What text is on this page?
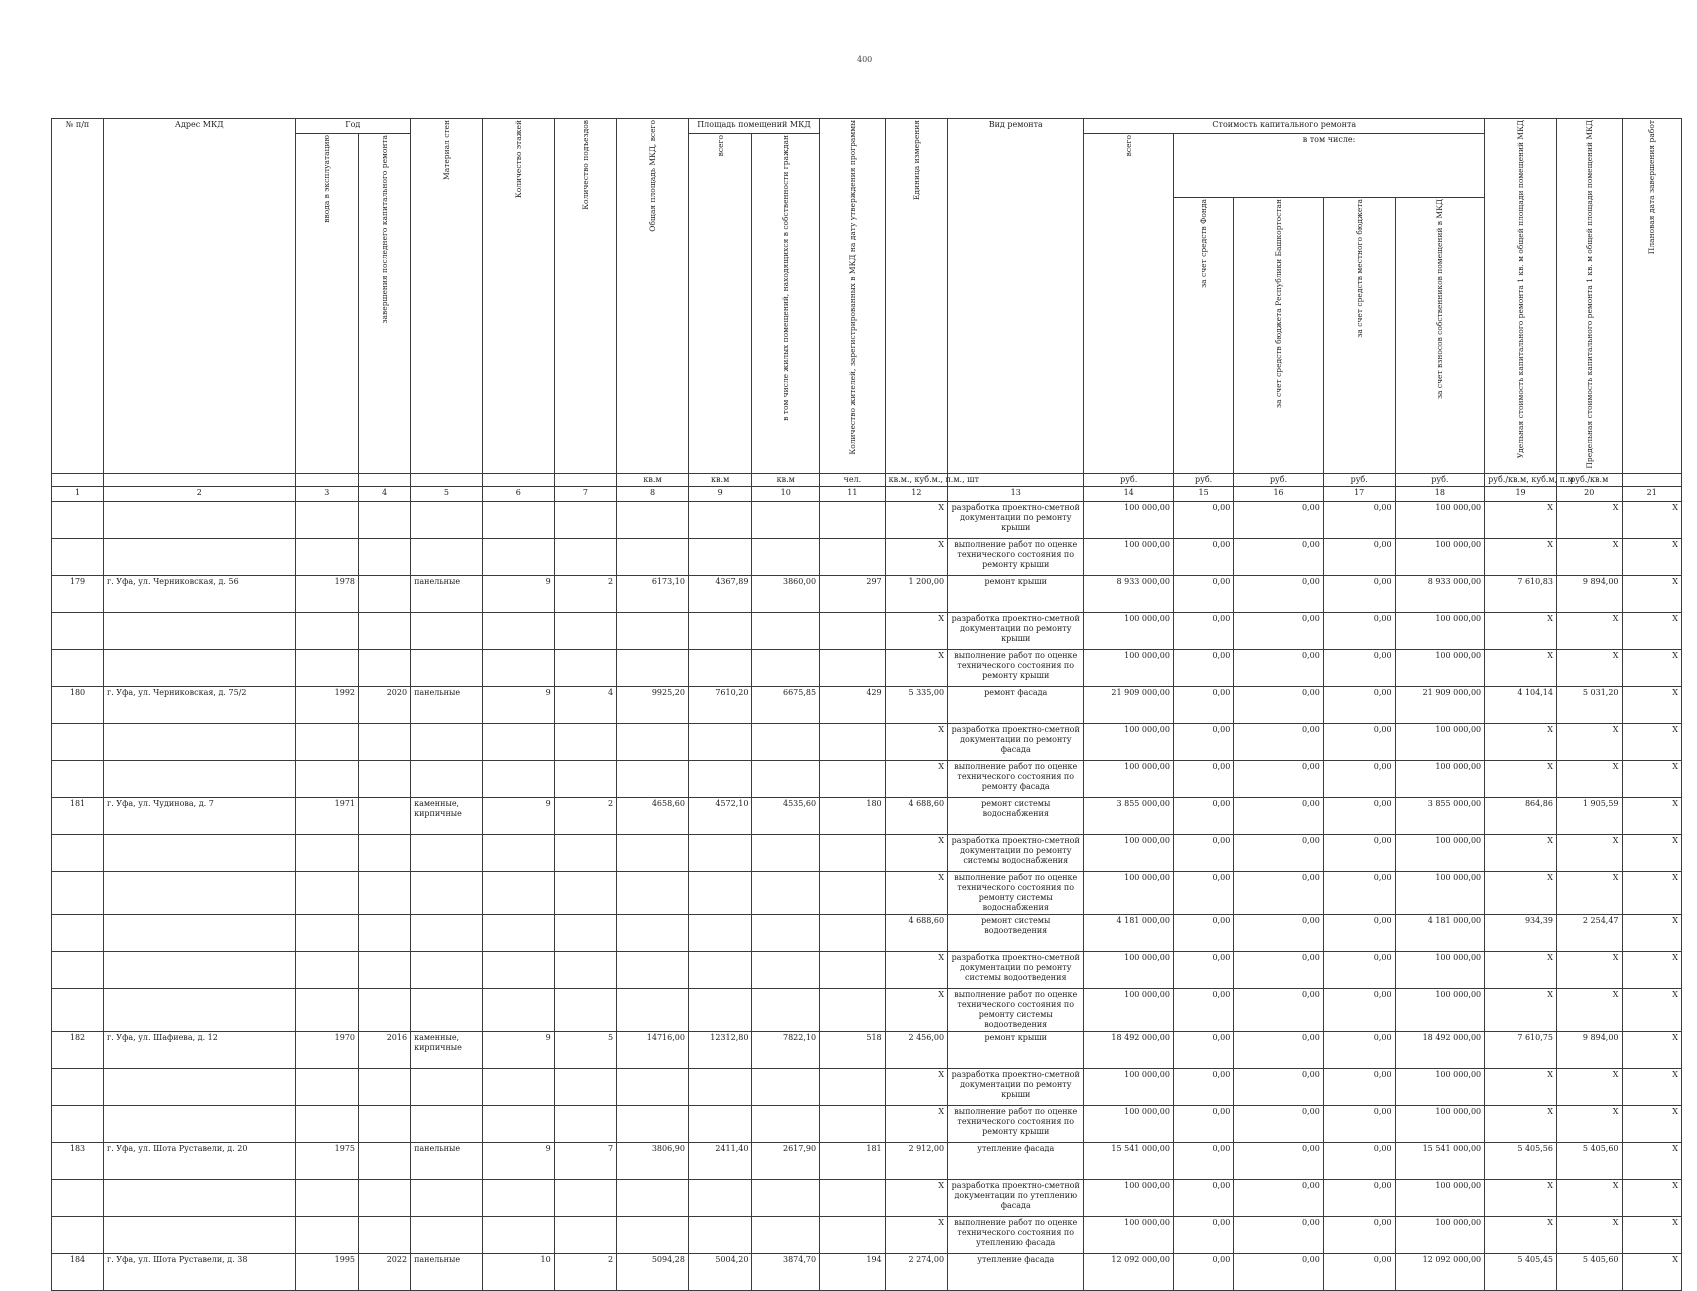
400
№ п/п	Адрес МКД	Год		Материал стен	Количество этажей	Количество подъездов	Общая площадь МКД, всего	Площадь помещений МКД		Количество жителей, зарегистрированных в МКД на дату утверждения программы	Единица измерения	Вид ремонта	Стоимость капитального ремонта					Удельная стоимость капитального ремонта 1 кв. м общей площади помещений МКД	Предельная стоимость капитального ремонта 1 кв. м общей площади помещений МКД	Плановая дата завершения работ
		ввода в эксплуатацию	завершения последнего капитального ремонта					всего	в том числе жилых помещений, находящихся в собственности граждан				всего	в том числе:						
														за счет средств Фонда	за счет средств бюджета Республики Башкортостан	за счет средств местного бюджета	за счет взносов собственников помещений в МКД			
							кв.м	кв.м	кв.м	чел.	кв.м., куб.м., п.м., шт		руб.	руб.	руб.	руб.	руб.	руб./кв.м, куб.м, п.м	руб./кв.м	
1	2	3	4	5	6	7	8	9	10	11	12	13	14	15	16	17	18	19	20	21
											X	разработка проектно-сметной документации по ремонту крыши	100 000,00	0,00	0,00	0,00	100 000,00	X	X	X
											X	выполнение работ по оценке технического состояния по ремонту крыши	100 000,00	0,00	0,00	0,00	100 000,00	X	X	X
179	г. Уфа, ул. Черниковская, д. 56	1978		панельные	9	2	6173,10	4367,89	3860,00	297	1 200,00	ремонт крыши	8 933 000,00	0,00	0,00	0,00	8 933 000,00	7 610,83	9 894,00	X
											X	разработка проектно-сметной документации по ремонту крыши	100 000,00	0,00	0,00	0,00	100 000,00	X	X	X
											X	выполнение работ по оценке технического состояния по ремонту крыши	100 000,00	0,00	0,00	0,00	100 000,00	X	X	X
180	г. Уфа, ул. Черниковская, д. 75/2	1992	2020	панельные	9	4	9925,20	7610,20	6675,85	429	5 335,00	ремонт фасада	21 909 000,00	0,00	0,00	0,00	21 909 000,00	4 104,14	5 031,20	X
											X	разработка проектно-сметной документации по ремонту фасада	100 000,00	0,00	0,00	0,00	100 000,00	X	X	X
											X	выполнение работ по оценке технического состояния по ремонту фасада	100 000,00	0,00	0,00	0,00	100 000,00	X	X	X
181	г. Уфа, ул. Чудинова, д. 7	1971		каменные, кирпичные	9	2	4658,60	4572,10	4535,60	180	4 688,60	ремонт системы водоснабжения	3 855 000,00	0,00	0,00	0,00	3 855 000,00	864,86	1 905,59	X
											X	разработка проектно-сметной документации по ремонту системы водоснабжения	100 000,00	0,00	0,00	0,00	100 000,00	X	X	X
											X	выполнение работ по оценке технического состояния по ремонту системы водоснабжения	100 000,00	0,00	0,00	0,00	100 000,00	X	X	X
											4 688,60	ремонт системы водоотведения	4 181 000,00	0,00	0,00	0,00	4 181 000,00	934,39	2 254,47	X
											X	разработка проектно-сметной документации по ремонту системы водоотведения	100 000,00	0,00	0,00	0,00	100 000,00	X	X	X
											X	выполнение работ по оценке технического состояния по ремонту системы водоотведения	100 000,00	0,00	0,00	0,00	100 000,00	X	X	X
182	г. Уфа, ул. Шафиева, д. 12	1970	2016	каменные, кирпичные	9	5	14716,00	12312,80	7822,10	518	2 456,00	ремонт крыши	18 492 000,00	0,00	0,00	0,00	18 492 000,00	7 610,75	9 894,00	X
											X	разработка проектно-сметной документации по ремонту крыши	100 000,00	0,00	0,00	0,00	100 000,00	X	X	X
											X	выполнение работ по оценке технического состояния по ремонту крыши	100 000,00	0,00	0,00	0,00	100 000,00	X	X	X
183	г. Уфа, ул. Шота Руставели, д. 20	1975		панельные	9	7	3806,90	2411,40	2617,90	181	2 912,00	утепление фасада	15 541 000,00	0,00	0,00	0,00	15 541 000,00	5 405,56	5 405,60	X
											X	разработка проектно-сметной документации по утеплению фасада	100 000,00	0,00	0,00	0,00	100 000,00	X	X	X
											X	выполнение работ по оценке технического состояния по утеплению фасада	100 000,00	0,00	0,00	0,00	100 000,00	X	X	X
184	г. Уфа, ул. Шота Руставели, д. 38	1995	2022	панельные	10	2	5094,28	5004,20	3874,70	194	2 274,00	утепление фасада	12 092 000,00	0,00	0,00	0,00	12 092 000,00	5 405,45	5 405,60	X
